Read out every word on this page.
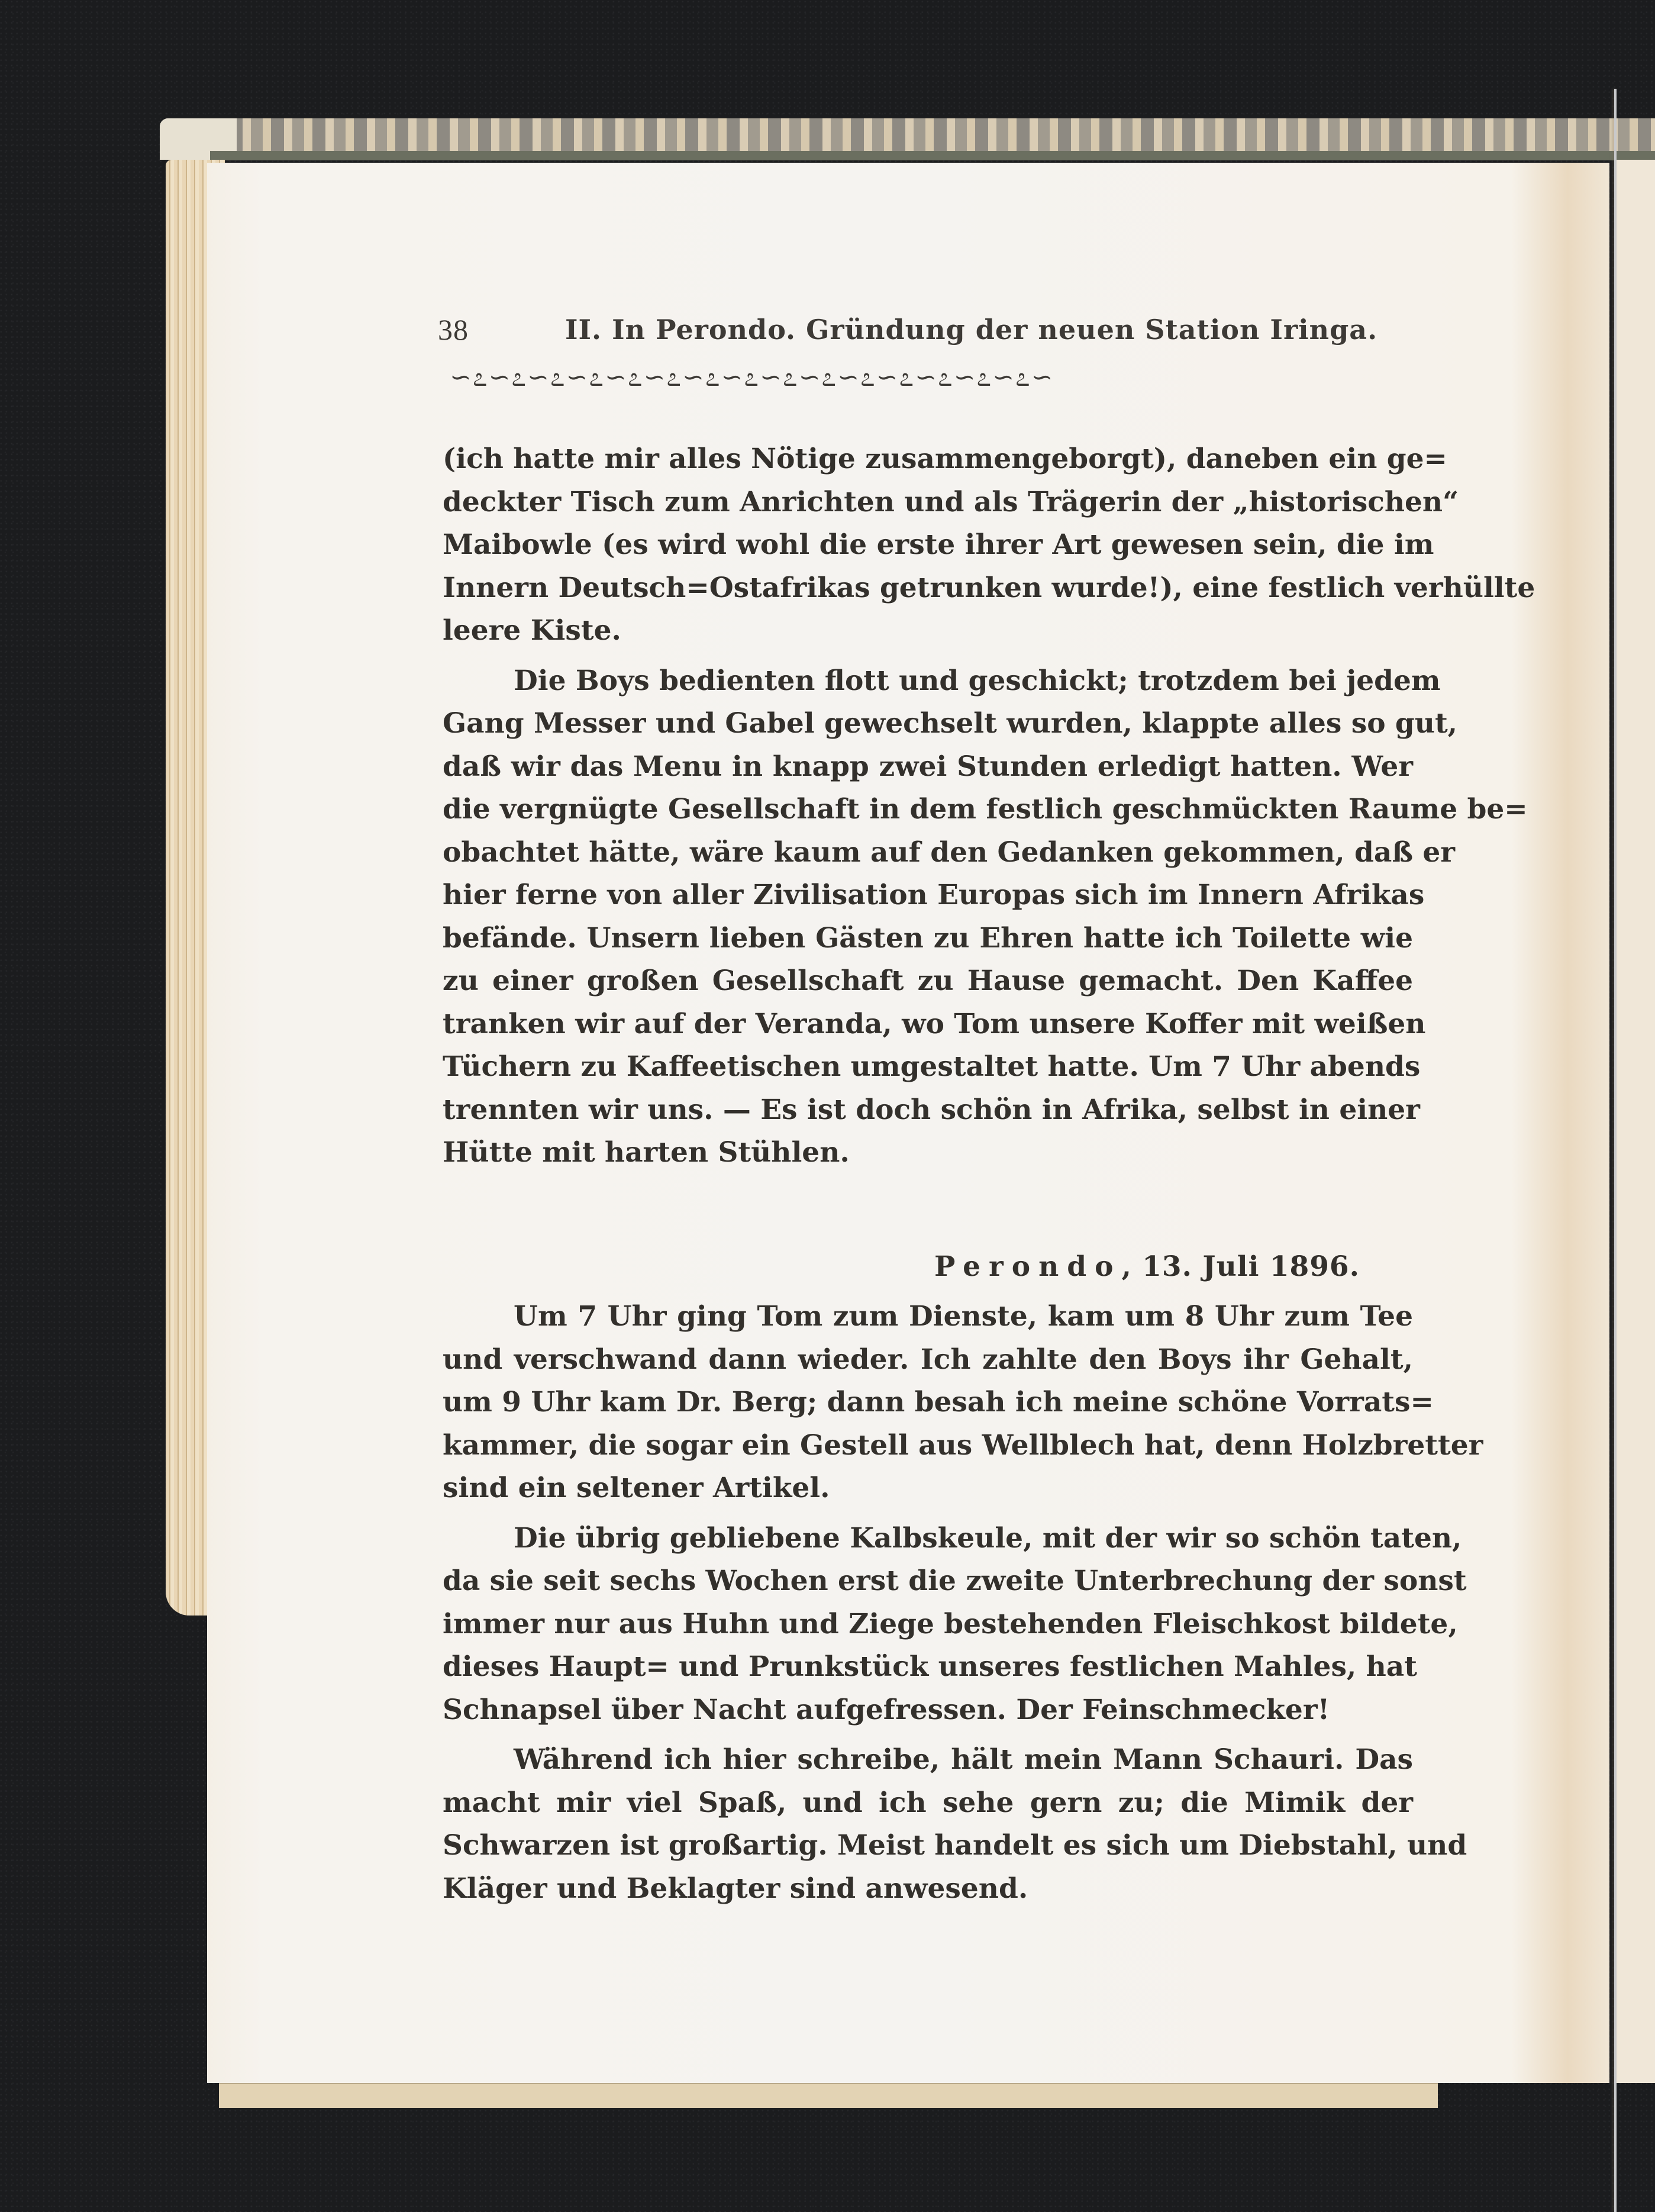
38	II. In Perondo. Gründung der neuen Station Iringa.
∽೭∽೭∽೭∽೭∽೭∽೭∽೭∽೭∽೭∽೭∽೭∽೭∽೭∽೭∽೭∽

(ich hatte mir alles Nötige zusammengeborgt), daneben ein ge=
deckter Tisch zum Anrichten und als Trägerin der „historischen“
Maibowle (es wird wohl die erste ihrer Art gewesen sein, die im
Innern Deutsch=Ostafrikas getrunken wurde!), eine festlich verhüllte
leere Kiste.

Die Boys bedienten flott und geschickt; trotzdem bei jedem
Gang Messer und Gabel gewechselt wurden, klappte alles so gut,
daß wir das Menu in knapp zwei Stunden erledigt hatten. Wer
die vergnügte Gesellschaft in dem festlich geschmückten Raume be=
obachtet hätte, wäre kaum auf den Gedanken gekommen, daß er
hier ferne von aller Zivilisation Europas sich im Innern Afrikas
befände. Unsern lieben Gästen zu Ehren hatte ich Toilette wie
zu einer großen Gesellschaft zu Hause gemacht. Den Kaffee
tranken wir auf der Veranda, wo Tom unsere Koffer mit weißen
Tüchern zu Kaffeetischen umgestaltet hatte. Um 7 Uhr abends
trennten wir uns. — Es ist doch schön in Afrika, selbst in einer
Hütte mit harten Stühlen.

Perondo, 13. Juli 1896.

Um 7 Uhr ging Tom zum Dienste, kam um 8 Uhr zum Tee
und verschwand dann wieder. Ich zahlte den Boys ihr Gehalt,
um 9 Uhr kam Dr. Berg; dann besah ich meine schöne Vorrats=
kammer, die sogar ein Gestell aus Wellblech hat, denn Holzbretter
sind ein seltener Artikel.

Die übrig gebliebene Kalbskeule, mit der wir so schön taten,
da sie seit sechs Wochen erst die zweite Unterbrechung der sonst
immer nur aus Huhn und Ziege bestehenden Fleischkost bildete,
dieses Haupt= und Prunkstück unseres festlichen Mahles, hat
Schnapsel über Nacht aufgefressen. Der Feinschmecker!

Während ich hier schreibe, hält mein Mann Schauri. Das
macht mir viel Spaß, und ich sehe gern zu; die Mimik der
Schwarzen ist großartig. Meist handelt es sich um Diebstahl, und
Kläger und Beklagter sind anwesend.
